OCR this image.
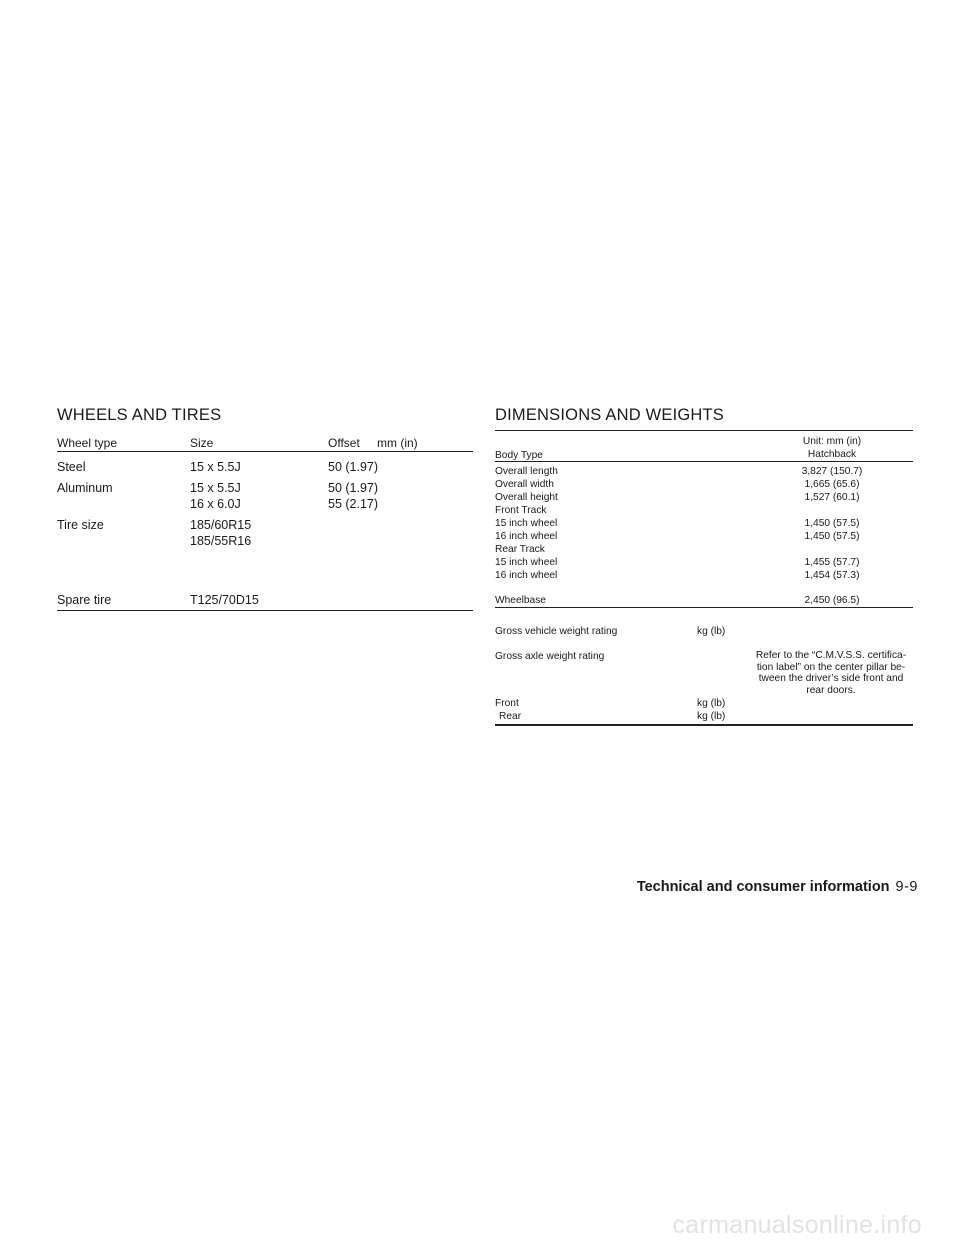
WHEELS AND TIRES
Wheel type	Size	Offset mm (in)
Steel	15 x 5.5J	50 (1.97)
Aluminum	15 x 5.5J	50 (1.97)
16 x 6.0J	55 (2.17)
Tire size	185/60R15
185/55R16
Spare tire	T125/70D15
DIMENSIONS AND WEIGHTS
Unit: mm (in)
Hatchback
Body Type
Overall length	3,827 (150.7)
Overall width	1,665 (65.6)
Overall height	1,527 (60.1)
Front Track
15 inch wheel	1,450 (57.5)
16 inch wheel	1,450 (57.5)
Rear Track
15 inch wheel	1,455 (57.7)
16 inch wheel	1,454 (57.3)
Wheelbase	2,450 (96.5)
Gross vehicle weight rating	kg (lb)
Gross axle weight rating	Refer to the “C.M.V.S.S. certifica-
tion label” on the center pillar be-
tween the driver’s side front and
rear doors.
Front	kg (lb)
Rear	kg (lb)
Technical and consumer information 9-9
carmanualsonline.info
